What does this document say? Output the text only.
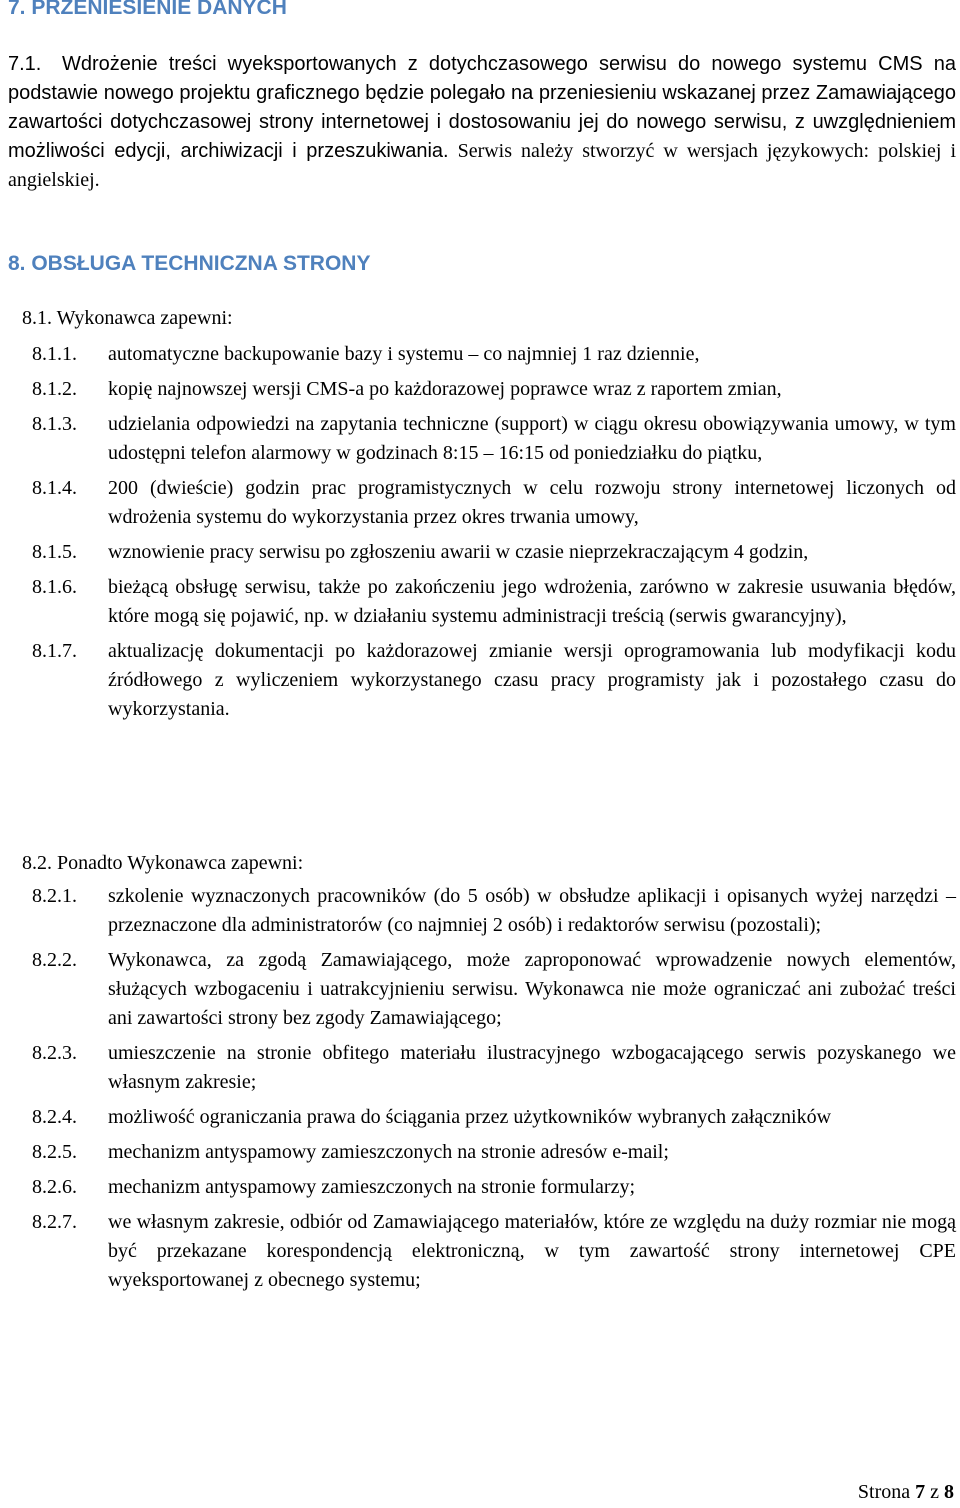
7. PRZENIESIENIE DANYCH

7.1. Wdrożenie treści wyeksportowanych z dotychczasowego serwisu do nowego systemu CMS na podstawie nowego projektu graficznego będzie polegało na przeniesieniu wskazanej przez Zamawiającego zawartości dotychczasowej strony internetowej i dostosowaniu jej do nowego serwisu, z uwzględnieniem możliwości edycji, archiwizacji i przeszukiwania. Serwis należy stworzyć w wersjach językowych: polskiej i angielskiej.

8. OBSŁUGA TECHNICZNA STRONY

8.1. Wykonawca zapewni:

8.1.1.	automatyczne backupowanie bazy i systemu – co najmniej 1 raz dziennie,
8.1.2.	kopię najnowszej wersji CMS-a po każdorazowej poprawce wraz z raportem zmian,
8.1.3.	udzielania odpowiedzi na zapytania techniczne (support) w ciągu okresu obowiązywania umowy, w tym udostępni telefon alarmowy w godzinach 8:15 – 16:15 od poniedziałku do piątku,
8.1.4.	200 (dwieście) godzin prac programistycznych w celu rozwoju strony internetowej liczonych od wdrożenia systemu do wykorzystania przez okres trwania umowy,
8.1.5.	wznowienie pracy serwisu po zgłoszeniu awarii w czasie nieprzekraczającym 4 godzin,
8.1.6.	bieżącą obsługę serwisu, także po zakończeniu jego wdrożenia, zarówno w zakresie usuwania błędów, które mogą się pojawić, np. w działaniu systemu administracji treścią (serwis gwarancyjny),
8.1.7.	aktualizację dokumentacji po każdorazowej zmianie wersji oprogramowania lub modyfikacji kodu źródłowego z wyliczeniem wykorzystanego czasu pracy programisty jak i pozostałego czasu do wykorzystania.

8.2. Ponadto Wykonawca zapewni:

8.2.1.	szkolenie wyznaczonych pracowników (do 5 osób) w obsłudze aplikacji i opisanych wyżej narzędzi – przeznaczone dla administratorów (co najmniej 2 osób) i redaktorów serwisu (pozostali);
8.2.2.	Wykonawca, za zgodą Zamawiającego, może zaproponować wprowadzenie nowych elementów, służących wzbogaceniu i uatrakcyjnieniu serwisu. Wykonawca nie może ograniczać ani zubożać treści ani zawartości strony bez zgody Zamawiającego;
8.2.3.	umieszczenie na stronie obfitego materiału ilustracyjnego wzbogacającego serwis pozyskanego we własnym zakresie;
8.2.4.	możliwość ograniczania prawa do ściągania przez użytkowników wybranych załączników
8.2.5.	mechanizm antyspamowy zamieszczonych na stronie adresów e-mail;
8.2.6.	mechanizm antyspamowy zamieszczonych na stronie formularzy;
8.2.7.	we własnym zakresie, odbiór od Zamawiającego materiałów, które ze względu na duży rozmiar nie mogą być przekazane korespondencją elektroniczną, w tym zawartość strony internetowej CPE wyeksportowanej z obecnego systemu;
Strona 7 z 8
